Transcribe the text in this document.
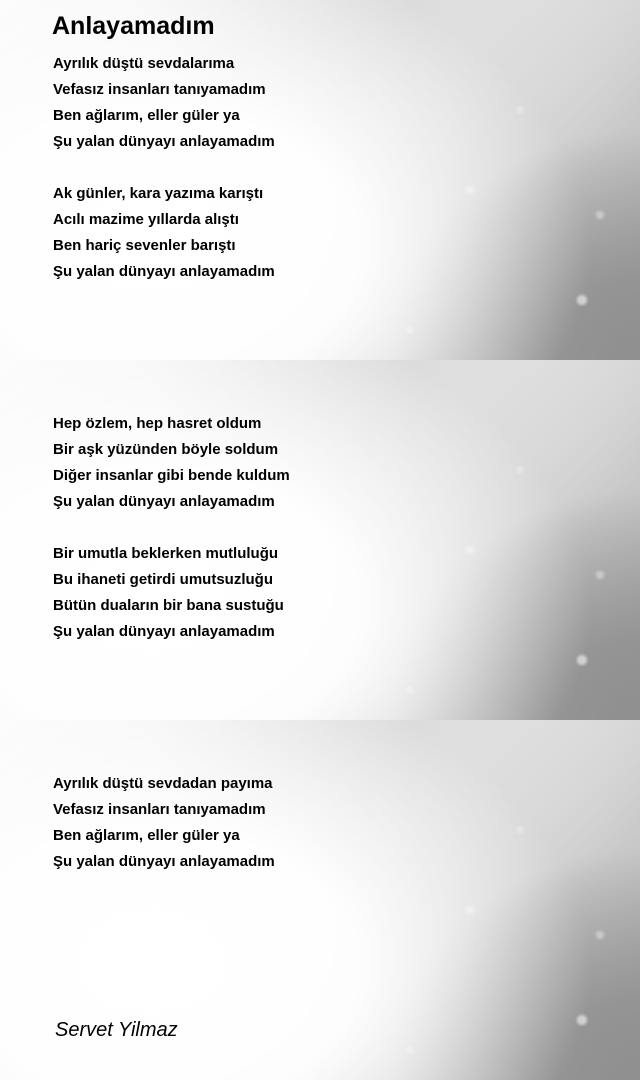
Anlayamadım
Ayrılık düştü sevdalarıma
Vefasız insanları tanıyamadım
Ben ağlarım, eller güler ya
Şu yalan dünyayı anlayamadım
Ak günler, kara yazıma karıştı
Acılı mazime yıllarda alıştı
Ben hariç sevenler barıştı
Şu yalan dünyayı anlayamadım
Hep özlem, hep hasret oldum
Bir aşk yüzünden böyle soldum
Diğer insanlar gibi bende kuldum
Şu yalan dünyayı anlayamadım
Bir umutla beklerken mutluluğu
Bu ihaneti getirdi umutsuzluğu
Bütün duaların bir bana sustuğu
Şu yalan dünyayı anlayamadım
Ayrılık düştü sevdadan payıma
Vefasız insanları tanıyamadım
Ben ağlarım, eller güler ya
Şu yalan dünyayı anlayamadım
Servet Yilmaz
